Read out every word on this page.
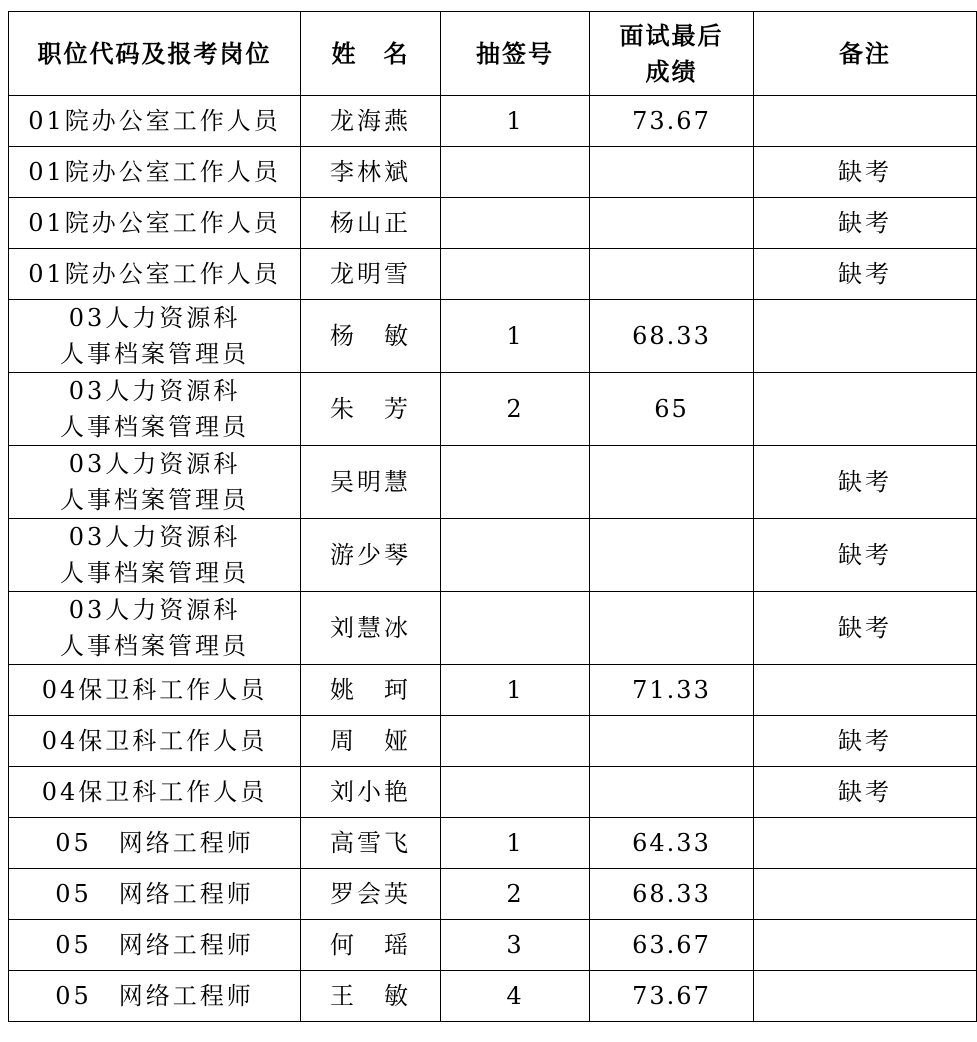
职位代码及报考岗位	姓　名	抽签号	面试最后
成绩	备注
01院办公室工作人员	龙海燕	1	73.67	
01院办公室工作人员	李林斌			缺考
01院办公室工作人员	杨山正			缺考
01院办公室工作人员	龙明雪			缺考
03人力资源科
人事档案管理员	杨　敏	1	68.33	
03人力资源科
人事档案管理员	朱　芳	2	65	
03人力资源科
人事档案管理员	吴明慧			缺考
03人力资源科
人事档案管理员	游少琴			缺考
03人力资源科
人事档案管理员	刘慧冰			缺考
04保卫科工作人员	姚　珂	1	71.33	
04保卫科工作人员	周　娅			缺考
04保卫科工作人员	刘小艳			缺考
05　网络工程师	高雪飞	1	64.33	
05　网络工程师	罗会英	2	68.33	
05　网络工程师	何　瑶	3	63.67	
05　网络工程师	王　敏	4	73.67	
